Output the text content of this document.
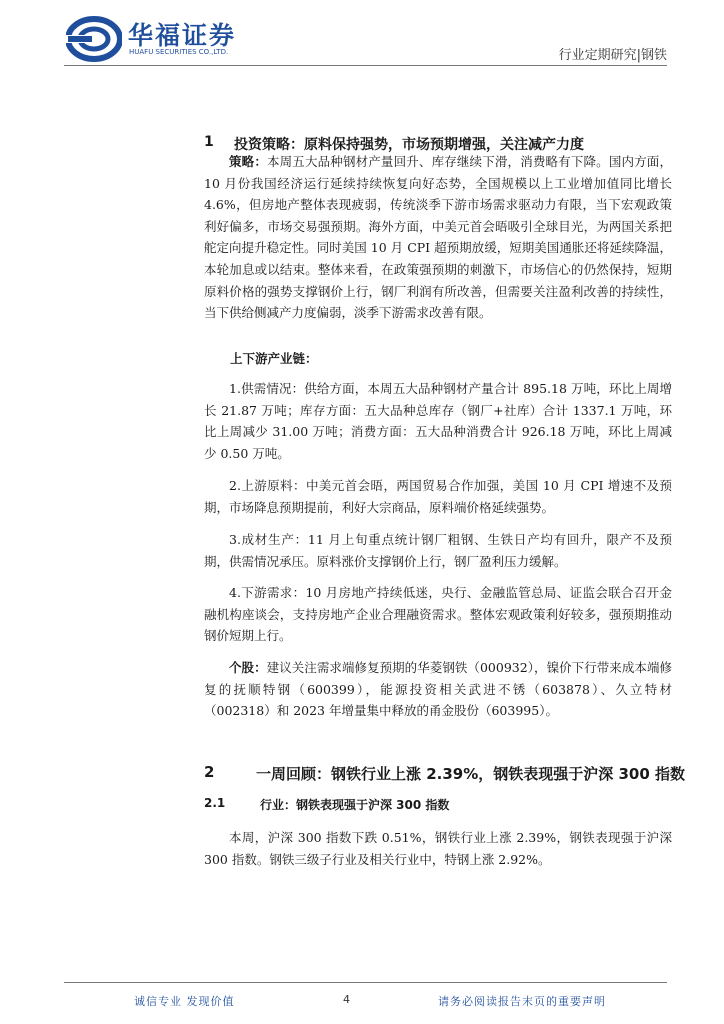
华福证券
HUAFU SECURITIES CO.,LTD.	行业定期研究|钢铁
1 投资策略：原料保持强势，市场预期增强，关注减产力度
策略：本周五大品种钢材产量回升、库存继续下滑，消费略有下降。国内方面，10 月份我国经济运行延续持续恢复向好态势，全国规模以上工业增加值同比增长 4.6%，但房地产整体表现疲弱，传统淡季下游市场需求驱动力有限，当下宏观政策利好偏多，市场交易强预期。海外方面，中美元首会晤吸引全球目光，为两国关系把舵定向提升稳定性。同时美国 10 月 CPI 超预期放缓，短期美国通胀还将延续降温，本轮加息或以结束。整体来看，在政策强预期的刺激下，市场信心的仍然保持，短期原料价格的强势支撑钢价上行，钢厂利润有所改善，但需要关注盈利改善的持续性，当下供给侧减产力度偏弱，淡季下游需求改善有限。
上下游产业链：
1.供需情况：供给方面，本周五大品种钢材产量合计 895.18 万吨，环比上周增长 21.87 万吨；库存方面：五大品种总库存（钢厂+社库）合计 1337.1 万吨，环比上周减少 31.00 万吨；消费方面：五大品种消费合计 926.18 万吨，环比上周减少 0.50 万吨。
2.上游原料：中美元首会晤，两国贸易合作加强，美国 10 月 CPI 增速不及预期，市场降息预期提前，利好大宗商品，原料端价格延续强势。
3.成材生产：11 月上旬重点统计钢厂粗钢、生铁日产均有回升，限产不及预期，供需情况承压。原料涨价支撑钢价上行，钢厂盈利压力缓解。
4.下游需求：10 月房地产持续低迷，央行、金融监管总局、证监会联合召开金融机构座谈会，支持房地产企业合理融资需求。整体宏观政策利好较多，强预期推动钢价短期上行。
个股：建议关注需求端修复预期的华菱钢铁（000932），镍价下行带来成本端修复的抚顺特钢（600399），能源投资相关武进不锈（603878）、久立特材（002318）和 2023 年增量集中释放的甬金股份（603995）。
2	一周回顾：钢铁行业上涨 2.39%，钢铁表现强于沪深 300 指数
2.1	行业：钢铁表现强于沪深 300 指数
本周，沪深 300 指数下跌 0.51%，钢铁行业上涨 2.39%，钢铁表现强于沪深 300 指数。钢铁三级子行业及相关行业中，特钢上涨 2.92%。
诚信专业 发现价值	4	请务必阅读报告末页的重要声明
